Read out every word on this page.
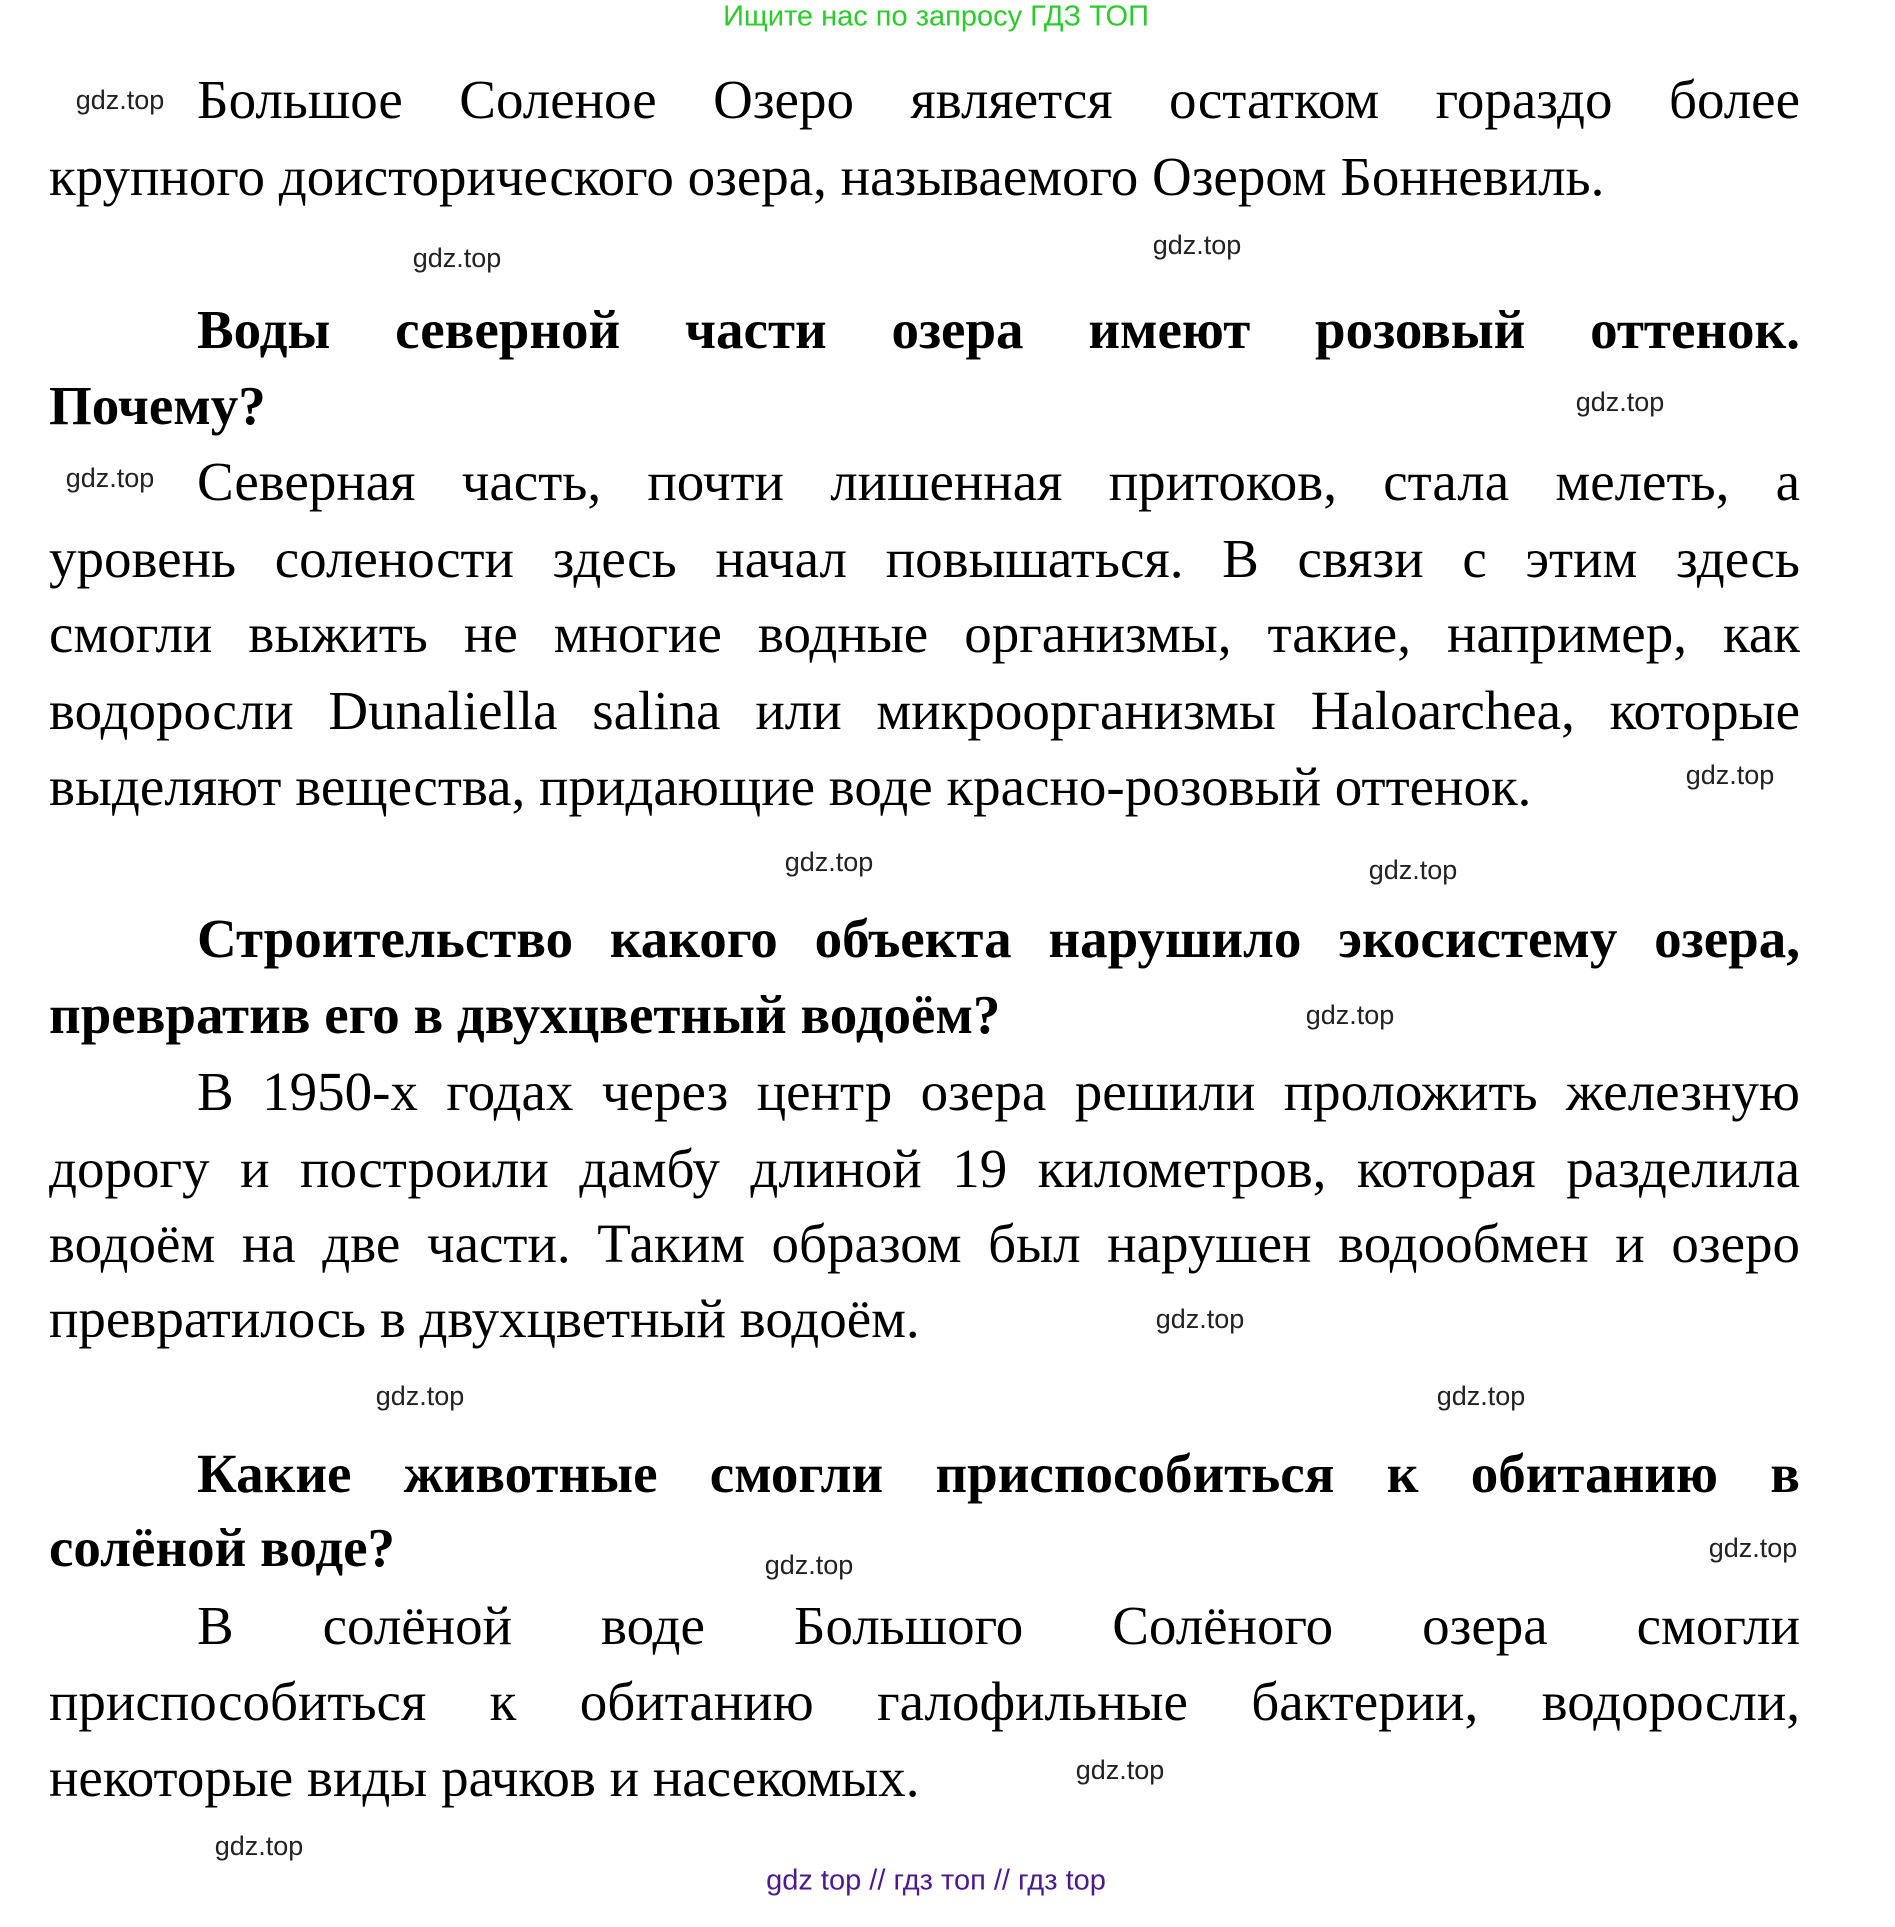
Ищите нас по запросу ГДЗ ТОП
Большое Соленое Озеро является остатком гораздо более
крупного доисторического озера, называемого Озером Бонневиль.
Воды северной части озера имеют розовый оттенок.
Почему?
Северная часть, почти лишенная притоков, стала мелеть, а
уровень солености здесь начал повышаться. В связи с этим здесь
смогли выжить не многие водные организмы, такие, например, как
водоросли Dunaliella salina или микроорганизмы Haloarchea, которые
выделяют вещества, придающие воде красно-розовый оттенок.
Строительство какого объекта нарушило экосистему озера,
превратив его в двухцветный водоём?
В 1950-х годах через центр озера решили проложить железную
дорогу и построили дамбу длиной 19 километров, которая разделила
водоём на две части. Таким образом был нарушен водообмен и озеро
превратилось в двухцветный водоём.
Какие животные смогли приспособиться к обитанию в
солёной воде?
В солёной воде Большого Солёного озера смогли
приспособиться к обитанию галофильные бактерии, водоросли,
некоторые виды рачков и насекомых.
gdz top // гдз топ // гдз top
gdz.top
gdz.top
gdz.top
gdz.top
gdz.top
gdz.top
gdz.top	gdz.top
gdz.top
gdz.top
gdz.top
gdz.top
gdz.top
gdz.top
gdz.top
gdz.top
